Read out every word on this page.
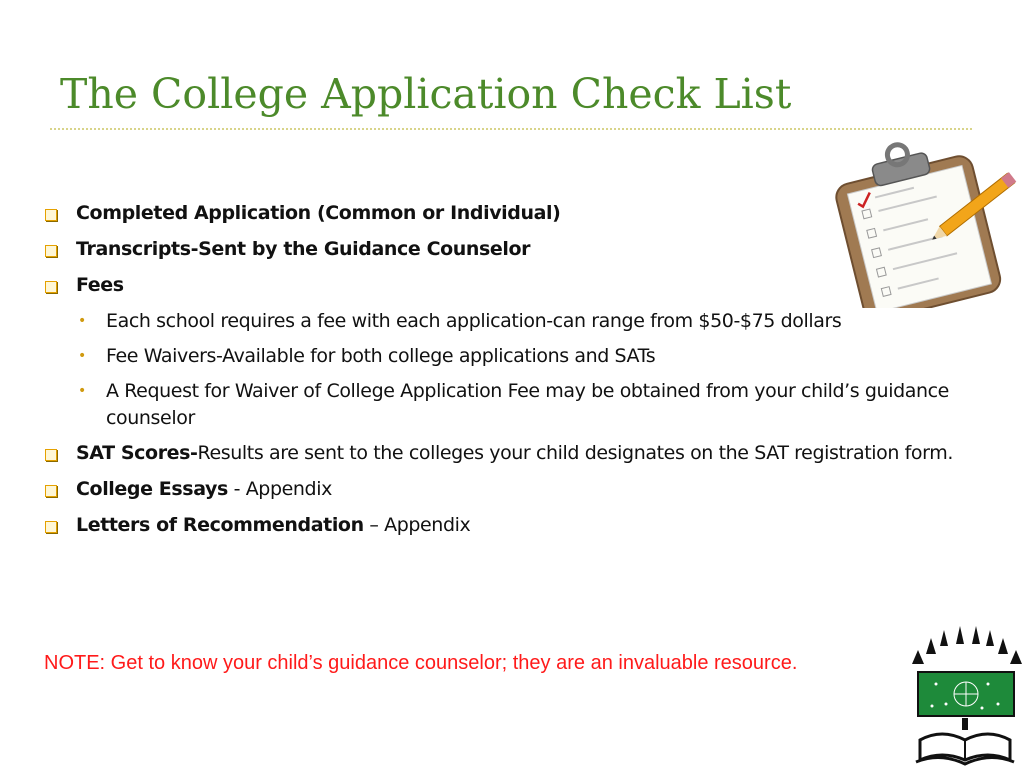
The College Application Check List
Completed Application (Common or Individual)
Transcripts-Sent by the Guidance Counselor
Fees
• Each school requires a fee with each application-can range from $50-$75 dollars
• Fee Waivers-Available for both college applications and SATs
• A Request for Waiver of College Application Fee may be obtained from your child’s guidance counselor
SAT Scores-Results are sent to the colleges your child designates on the SAT registration form.
College Essays - Appendix
Letters of Recommendation – Appendix
NOTE: Get to know your child’s guidance counselor; they are an invaluable resource.
